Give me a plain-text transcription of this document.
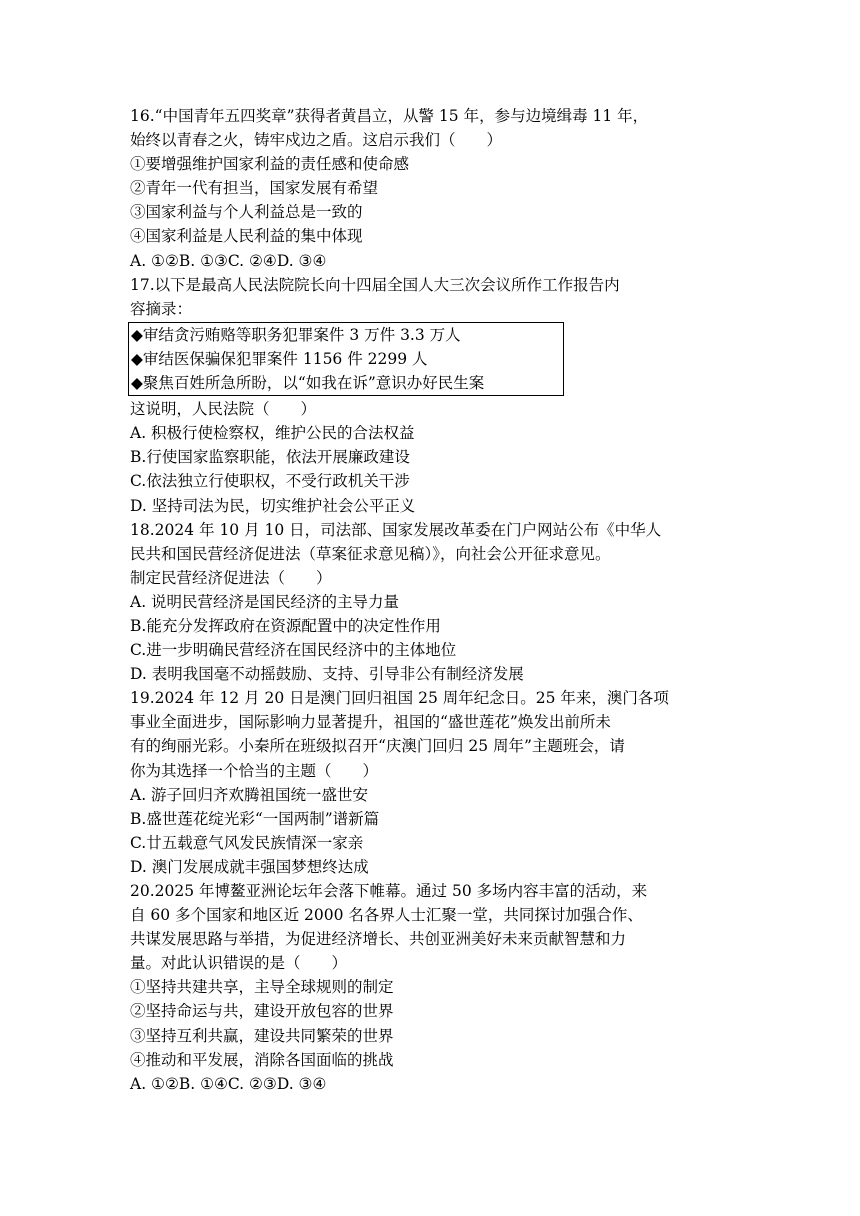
16.“中国青年五四奖章”获得者黄昌立，从警 15 年，参与边境缉毒 11 年，
始终以青春之火，铸牢戍边之盾。这启示我们（　　）
①要增强维护国家利益的责任感和使命感
②青年一代有担当，国家发展有希望
③国家利益与个人利益总是一致的
④国家利益是人民利益的集中体现
A. ①②B. ①③C. ②④D. ③④
17.以下是最高人民法院院长向十四届全国人大三次会议所作工作报告内
容摘录：
◆审结贪污贿赂等职务犯罪案件 3 万件 3.3 万人
◆审结医保骗保犯罪案件 1156 件 2299 人
◆聚焦百姓所急所盼，以“如我在诉”意识办好民生案
这说明，人民法院（　　）
A. 积极行使检察权，维护公民的合法权益
B.行使国家监察职能，依法开展廉政建设
C.依法独立行使职权，不受行政机关干涉
D. 坚持司法为民，切实维护社会公平正义
18.2024 年 10 月 10 日，司法部、国家发展改革委在门户网站公布《中华人
民共和国民营经济促进法（草案征求意见稿）》，向社会公开征求意见。
制定民营经济促进法（　　）
A. 说明民营经济是国民经济的主导力量
B.能充分发挥政府在资源配置中的决定性作用
C.进一步明确民营经济在国民经济中的主体地位
D. 表明我国毫不动摇鼓励、支持、引导非公有制经济发展
19.2024 年 12 月 20 日是澳门回归祖国 25 周年纪念日。25 年来，澳门各项
事业全面进步，国际影响力显著提升，祖国的“盛世莲花”焕发出前所未
有的绚丽光彩。小秦所在班级拟召开“庆澳门回归 25 周年”主题班会，请
你为其选择一个恰当的主题（　　）
A. 游子回归齐欢腾祖国统一盛世安
B.盛世莲花绽光彩“一国两制”谱新篇
C.廿五载意气风发民族情深一家亲
D. 澳门发展成就丰强国梦想终达成
20.2025 年博鳌亚洲论坛年会落下帷幕。通过 50 多场内容丰富的活动，来
自 60 多个国家和地区近 2000 名各界人士汇聚一堂，共同探讨加强合作、
共谋发展思路与举措，为促进经济增长、共创亚洲美好未来贡献智慧和力
量。对此认识错误的是（　　）
①坚持共建共享，主导全球规则的制定
②坚持命运与共，建设开放包容的世界
③坚持互利共赢，建设共同繁荣的世界
④推动和平发展，消除各国面临的挑战
A. ①②B. ①④C. ②③D. ③④
